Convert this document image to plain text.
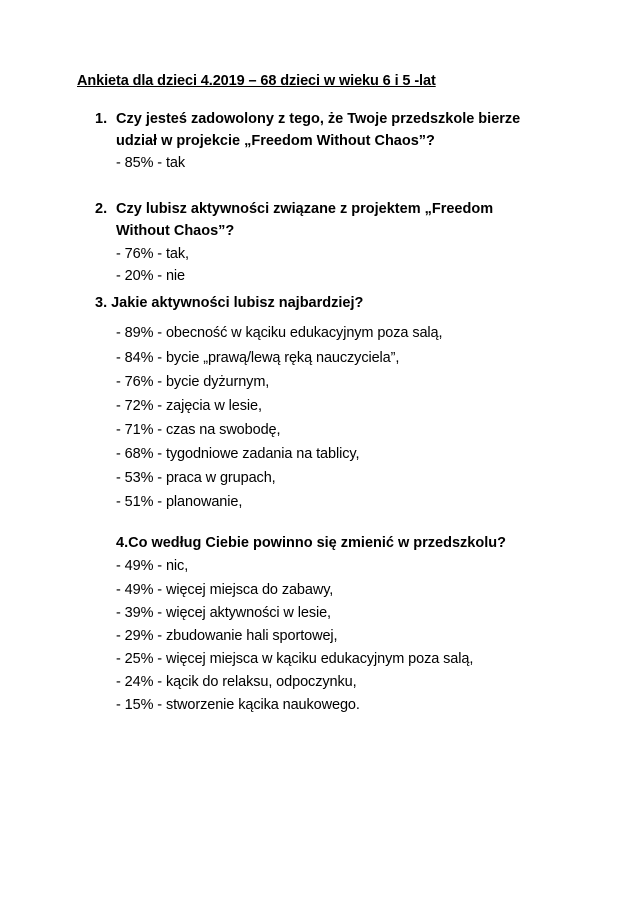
Ankieta dla dzieci 4.2019 – 68 dzieci w wieku 6 i 5 -lat
1. Czy jesteś zadowolony z tego, że Twoje przedszkole bierze
udział w projekcie „Freedom Without Chaos”?
- 85% - tak
2. Czy lubisz aktywności związane z projektem „Freedom
Without Chaos”?
- 76% - tak,
- 20% - nie
3. Jakie aktywności lubisz najbardziej?
- 89% - obecność w kąciku edukacyjnym poza salą,
- 84% - bycie „prawą/lewą ręką nauczyciela”,
- 76% - bycie dyżurnym,
- 72% - zajęcia w lesie,
- 71% - czas na swobodę,
- 68% - tygodniowe zadania na tablicy,
- 53% - praca w grupach,
- 51% - planowanie,
4.Co według Ciebie powinno się zmienić w przedszkolu?
- 49% - nic,
- 49% - więcej miejsca do zabawy,
- 39% - więcej aktywności w lesie,
- 29% - zbudowanie hali sportowej,
- 25% - więcej miejsca w kąciku edukacyjnym poza salą,
- 24% - kącik do relaksu, odpoczynku,
- 15% - stworzenie kącika naukowego.
